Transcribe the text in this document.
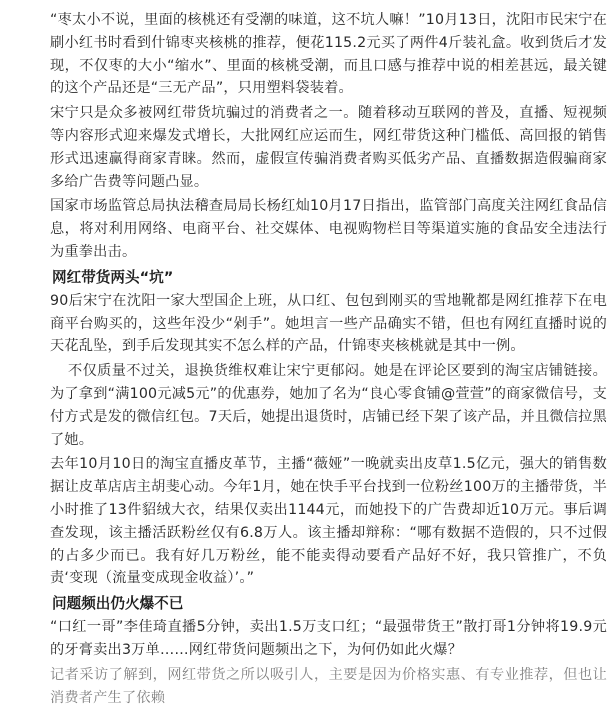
“枣太小不说，里面的核桃还有受潮的味道，这不坑人嘛！”10月13日，沈阳市民宋宁在刷小红书时看到什锦枣夹核桃的推荐，便花115.2元买了两件4斤装礼盒。收到货后才发现，不仅枣的大小“缩水”、里面的核桃受潮，而且口感与推荐中说的相差甚远，最关键的这个产品还是“三无产品”，只用塑料袋装着。

宋宁只是众多被网红带货坑骗过的消费者之一。随着移动互联网的普及，直播、短视频等内容形式迎来爆发式增长，大批网红应运而生，网红带货这种门槛低、高回报的销售形式迅速赢得商家青睐。然而，虚假宣传骗消费者购买低劣产品、直播数据造假骗商家多给广告费等问题凸显。

国家市场监管总局执法稽查局局长杨红灿10月17日指出，监管部门高度关注网红食品信息，将对利用网络、电商平台、社交媒体、电视购物栏目等渠道实施的食品安全违法行为重拳出击。

网红带货两头“坑”

90后宋宁在沈阳一家大型国企上班，从口红、包包到刚买的雪地靴都是网红推荐下在电商平台购买的，这些年没少“剁手”。她坦言一些产品确实不错，但也有网红直播时说的天花乱坠，到手后发现其实不怎么样的产品，什锦枣夹核桃就是其中一例。

不仅质量不过关，退换货维权难让宋宁更郁闷。她是在评论区要到的淘宝店铺链接。为了拿到“满100元减5元”的优惠券，她加了名为“良心零食铺@萱萱”的商家微信号，支付方式是发的微信红包。7天后，她提出退货时，店铺已经下架了该产品，并且微信拉黑了她。

去年10月10日的淘宝直播皮革节，主播“薇娅”一晚就卖出皮草1.5亿元，强大的销售数据让皮革店店主胡斐心动。今年1月，她在快手平台找到一位粉丝100万的主播带货，半小时推了13件貂绒大衣，结果仅卖出1144元，而她投下的广告费却近10万元。事后调查发现，该主播活跃粉丝仅有6.8万人。该主播却辩称：“哪有数据不造假的，只不过假的占多少而已。我有好几万粉丝，能不能卖得动要看产品好不好，我只管推广，不负责‘变现（流量变成现金收益）’。”

问题频出仍火爆不已

“口红一哥”李佳琦直播5分钟，卖出1.5万支口红；“最强带货王”散打哥1分钟将19.9元的牙膏卖出3万单……网红带货问题频出之下，为何仍如此火爆？

记者采访了解到，网红带货之所以吸引人，主要是因为价格实惠、有专业推荐，但也让消费者产生了依赖
